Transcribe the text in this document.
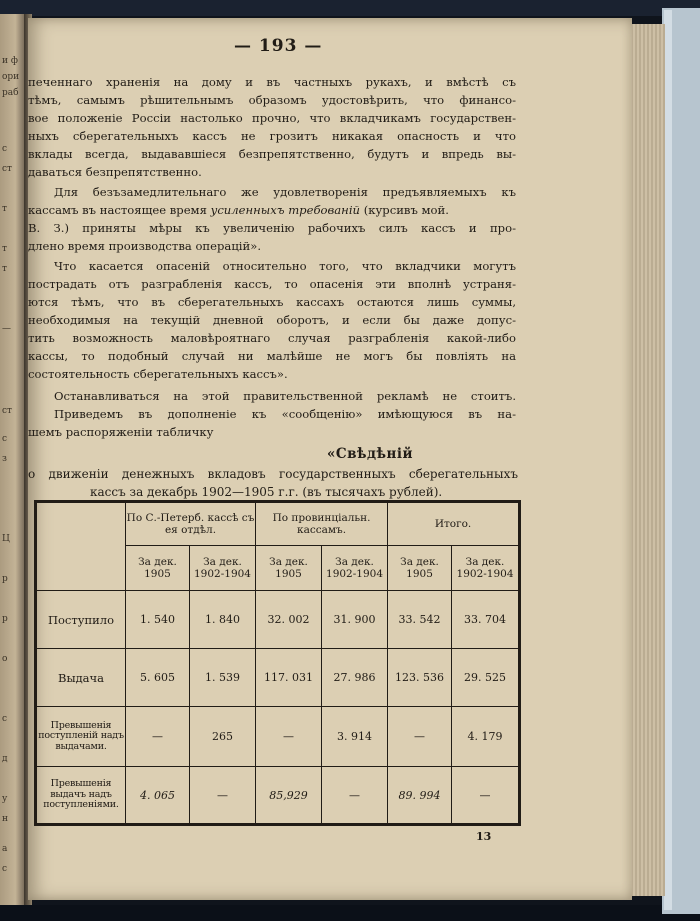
и ф
ори
раб
с
ст
т
т
т
—
ст
с
з
Ц
р
р
о
с
д
у
н
а
с
— 193 —
печеннаго храненія на дому и въ частныхъ рукахъ, и вмѣстѣ съ
тѣмъ, самымъ рѣшительнымъ образомъ удостовѣрить, что финансо-
вое положеніе Россіи настолько прочно, что вкладчикамъ государствен-
ныхъ сберегательныхъ кассъ не грозитъ никакая опасность и что
вклады всегда, выдававшіеся безпрепятственно, будутъ и впредь вы-
даваться безпрепятственно.
Для безъзамедлительнаго же удовлетворенія предъявляемыхъ къ
кассамъ въ настоящее время усиленныхъ требованій (курсивъ мой.
В. З.) приняты мѣры къ увеличенію рабочихъ силъ кассъ и про-
длено время производства операцій».
Что касается опасеній относительно того, что вкладчики могутъ
пострадать отъ разграбленія кассъ, то опасенія эти вполнѣ устраня-
ются тѣмъ, что въ сберегательныхъ кассахъ остаются лишь суммы,
необходимыя на текущій дневной оборотъ, и если бы даже допус-
тить возможность маловѣроятнаго случая разграбленія какой-либо
кассы, то подобный случай ни малѣйше не могъ бы повліять на
состоятельность сберегательныхъ кассъ».
Останавливаться на этой правительственной рекламѣ не стоитъ.
Приведемъ въ дополненіе къ «сообщенію» имѣющуюся въ на-
шемъ распоряженіи табличку
«Свѣдѣній
о движеніи денежныхъ вкладовъ государственныхъ сберегательныхъ
кассъ за декабрь 1902—1905 г.г. (въ тысячахъ рублей).
	По С.-Петерб. кассѣ съ ея отдѣл.		По провинціальн. кассамъ.		Итого.	
	За дек. 1905	За дек. 1902-1904	За дек. 1905	За дек. 1902-1904	За дек. 1905	За дек. 1902-1904
Поступило	1. 540	1. 840	32. 002	31. 900	33. 542	33. 704
Выдача	5. 605	1. 539	117. 031	27. 986	123. 536	29. 525
Превышенія поступленій надъ выдачами.	—	265	—	3. 914	—	4. 179
Превышенія выдачъ надъ поступленіями.	4. 065	—	85,929	—	89. 994	—
13
